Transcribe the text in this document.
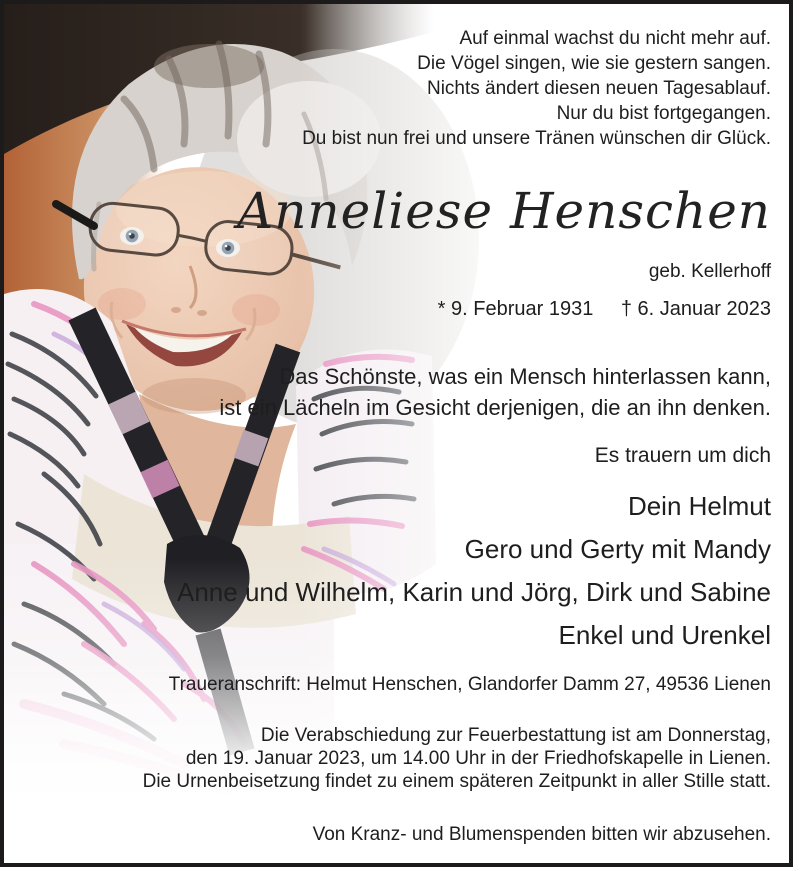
Auf einmal wachst du nicht mehr auf.
Die Vögel singen, wie sie gestern sangen.
Nichts ändert diesen neuen Tagesablauf.
Nur du bist fortgegangen.
Du bist nun frei und unsere Tränen wünschen dir Glück.
Anneliese Henschen
geb. Kellerhoff
* 9. Februar 1931 † 6. Januar 2023
Das Schönste, was ein Mensch hinterlassen kann,
ist ein Lächeln im Gesicht derjenigen, die an ihn denken.
Es trauern um dich
Dein Helmut
Gero und Gerty mit Mandy
Anne und Wilhelm, Karin und Jörg, Dirk und Sabine
Enkel und Urenkel
Traueranschrift: Helmut Henschen, Glandorfer Damm 27, 49536 Lienen
Die Verabschiedung zur Feuerbestattung ist am Donnerstag,
den 19. Januar 2023, um 14.00 Uhr in der Friedhofskapelle in Lienen.
Die Urnenbeisetzung findet zu einem späteren Zeitpunkt in aller Stille statt.
Von Kranz- und Blumenspenden bitten wir abzusehen.
